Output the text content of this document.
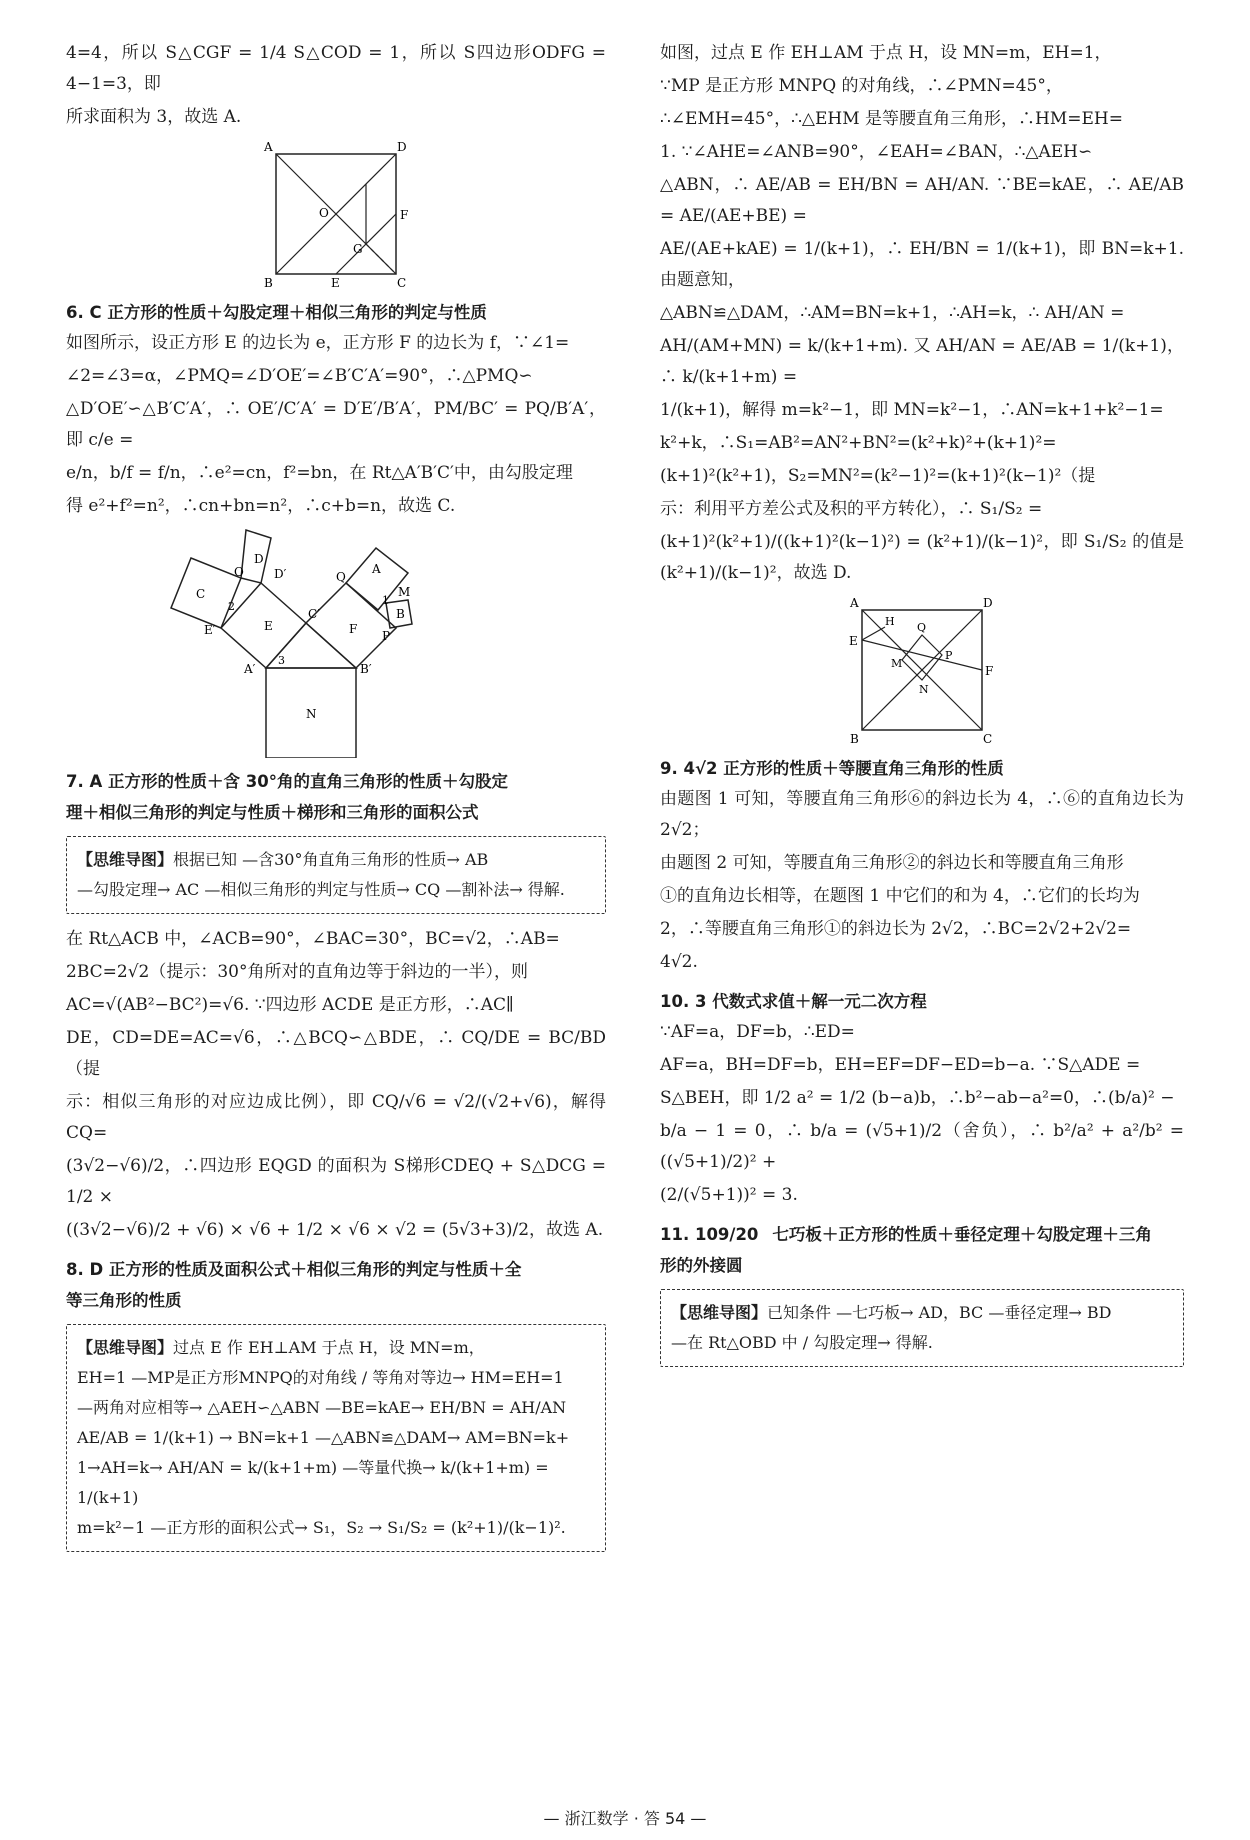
4=4，所以 S△CGF = 1/4 S△COD = 1，所以 S四边形ODFG = 4−1=3，即

所求面积为 3，故选 A.

A	D
O	F
G
B	E	C
6. C 正方形的性质＋勾股定理＋相似三角形的判定与性质

如图所示，设正方形 E 的边长为 e，正方形 F 的边长为 f，∵∠1=

∠2=∠3=α，∠PMQ=∠D′OE′=∠B′C′A′=90°，∴△PMQ∽

△D′OE′∽△B′C′A′，∴ OE′/C′A′ = D′E′/B′A′，PM/BC′ = PQ/B′A′，即 c/e =

e/n，b/f = f/n，∴e²=cn，f²=bn，在 Rt△A′B′C′中，由勾股定理

得 e²+f²=n²，∴cn+bn=n²，∴c+b=n，故选 C.

O
D
D′
C
2
E′	E
C′
Q
A
M
1
B
F P
A′
3
B′
N
7. A 正方形的性质＋含 30°角的直角三角形的性质＋勾股定
理＋相似三角形的判定与性质＋梯形和三角形的面积公式
【思维导图】根据已知 —含30°角直角三角形的性质→ AB
—勾股定理→ AC —相似三角形的判定与性质→ CQ —割补法→ 得解.

在 Rt△ACB 中，∠ACB=90°，∠BAC=30°，BC=√2，∴AB=

2BC=2√2（提示：30°角所对的直角边等于斜边的一半），则

AC=√(AB²−BC²)=√6. ∵四边形 ACDE 是正方形，∴AC∥

DE，CD=DE=AC=√6，∴△BCQ∽△BDE，∴ CQ/DE = BC/BD（提

示：相似三角形的对应边成比例），即 CQ/√6 = √2/(√2+√6)，解得 CQ=

(3√2−√6)/2，∴四边形 EQGD 的面积为 S梯形CDEQ + S△DCG = 1/2 ×

((3√2−√6)/2 + √6) × √6 + 1/2 × √6 × √2 = (5√3+3)/2，故选 A.

8. D 正方形的性质及面积公式＋相似三角形的判定与性质＋全
等三角形的性质
【思维导图】过点 E 作 EH⊥AM 于点 H，设 MN=m，
EH=1 —MP是正方形MNPQ的对角线 / 等角对等边→ HM=EH=1
—两角对应相等→ △AEH∽△ABN —BE=kAE→ EH/BN = AH/AN
AE/AB = 1/(k+1) → BN=k+1 —△ABN≌△DAM→ AM=BN=k+
1→AH=k→ AH/AN = k/(k+1+m) —等量代换→ k/(k+1+m) = 1/(k+1)
m=k²−1 —正方形的面积公式→ S₁，S₂ → S₁/S₂ = (k²+1)/(k−1)².

如图，过点 E 作 EH⊥AM 于点 H，设 MN=m，EH=1，

∵MP 是正方形 MNPQ 的对角线，∴∠PMN=45°，

∴∠EMH=45°，∴△EHM 是等腰直角三角形，∴HM=EH=

1. ∵∠AHE=∠ANB=90°，∠EAH=∠BAN，∴△AEH∽

△ABN，∴ AE/AB = EH/BN = AH/AN. ∵BE=kAE，∴ AE/AB = AE/(AE+BE) =

AE/(AE+kAE) = 1/(k+1)，∴ EH/BN = 1/(k+1)，即 BN=k+1. 由题意知，

△ABN≌△DAM，∴AM=BN=k+1，∴AH=k，∴ AH/AN =

AH/(AM+MN) = k/(k+1+m). 又 AH/AN = AE/AB = 1/(k+1)，∴ k/(k+1+m) =

1/(k+1)，解得 m=k²−1，即 MN=k²−1，∴AN=k+1+k²−1=

k²+k，∴S₁=AB²=AN²+BN²=(k²+k)²+(k+1)²=

(k+1)²(k²+1)，S₂=MN²=(k²−1)²=(k+1)²(k−1)²（提

示：利用平方差公式及积的平方转化），∴ S₁/S₂ =

(k+1)²(k²+1)/((k+1)²(k−1)²) = (k²+1)/(k−1)²，即 S₁/S₂ 的值是 (k²+1)/(k−1)²，故选 D.

A	D
H Q
E
M
P
F
N
B	C
9. 4√2 正方形的性质＋等腰直角三角形的性质

由题图 1 可知，等腰直角三角形⑥的斜边长为 4，∴⑥的直角边长为 2√2；

由题图 2 可知，等腰直角三角形②的斜边长和等腰直角三角形

①的直角边长相等，在题图 1 中它们的和为 4，∴它们的长均为

2，∴等腰直角三角形①的斜边长为 2√2，∴BC=2√2+2√2=

4√2.

10. 3 代数式求值＋解一元二次方程

∵AF=a，DF=b，∴ED=

AF=a，BH=DF=b，EH=EF=DF−ED=b−a. ∵S△ADE =

S△BEH，即 1/2 a² = 1/2 (b−a)b，∴b²−ab−a²=0，∴(b/a)² −

b/a − 1 = 0，∴ b/a = (√5+1)/2（舍负），∴ b²/a² + a²/b² = ((√5+1)/2)² +

(2/(√5+1))² = 3.

11. 109/20 七巧板＋正方形的性质＋垂径定理＋勾股定理＋三角
形的外接圆
【思维导图】已知条件 —七巧板→ AD，BC —垂径定理→ BD
—在 Rt△OBD 中 / 勾股定理→ 得解.
— 浙江数学 · 答 54 —
